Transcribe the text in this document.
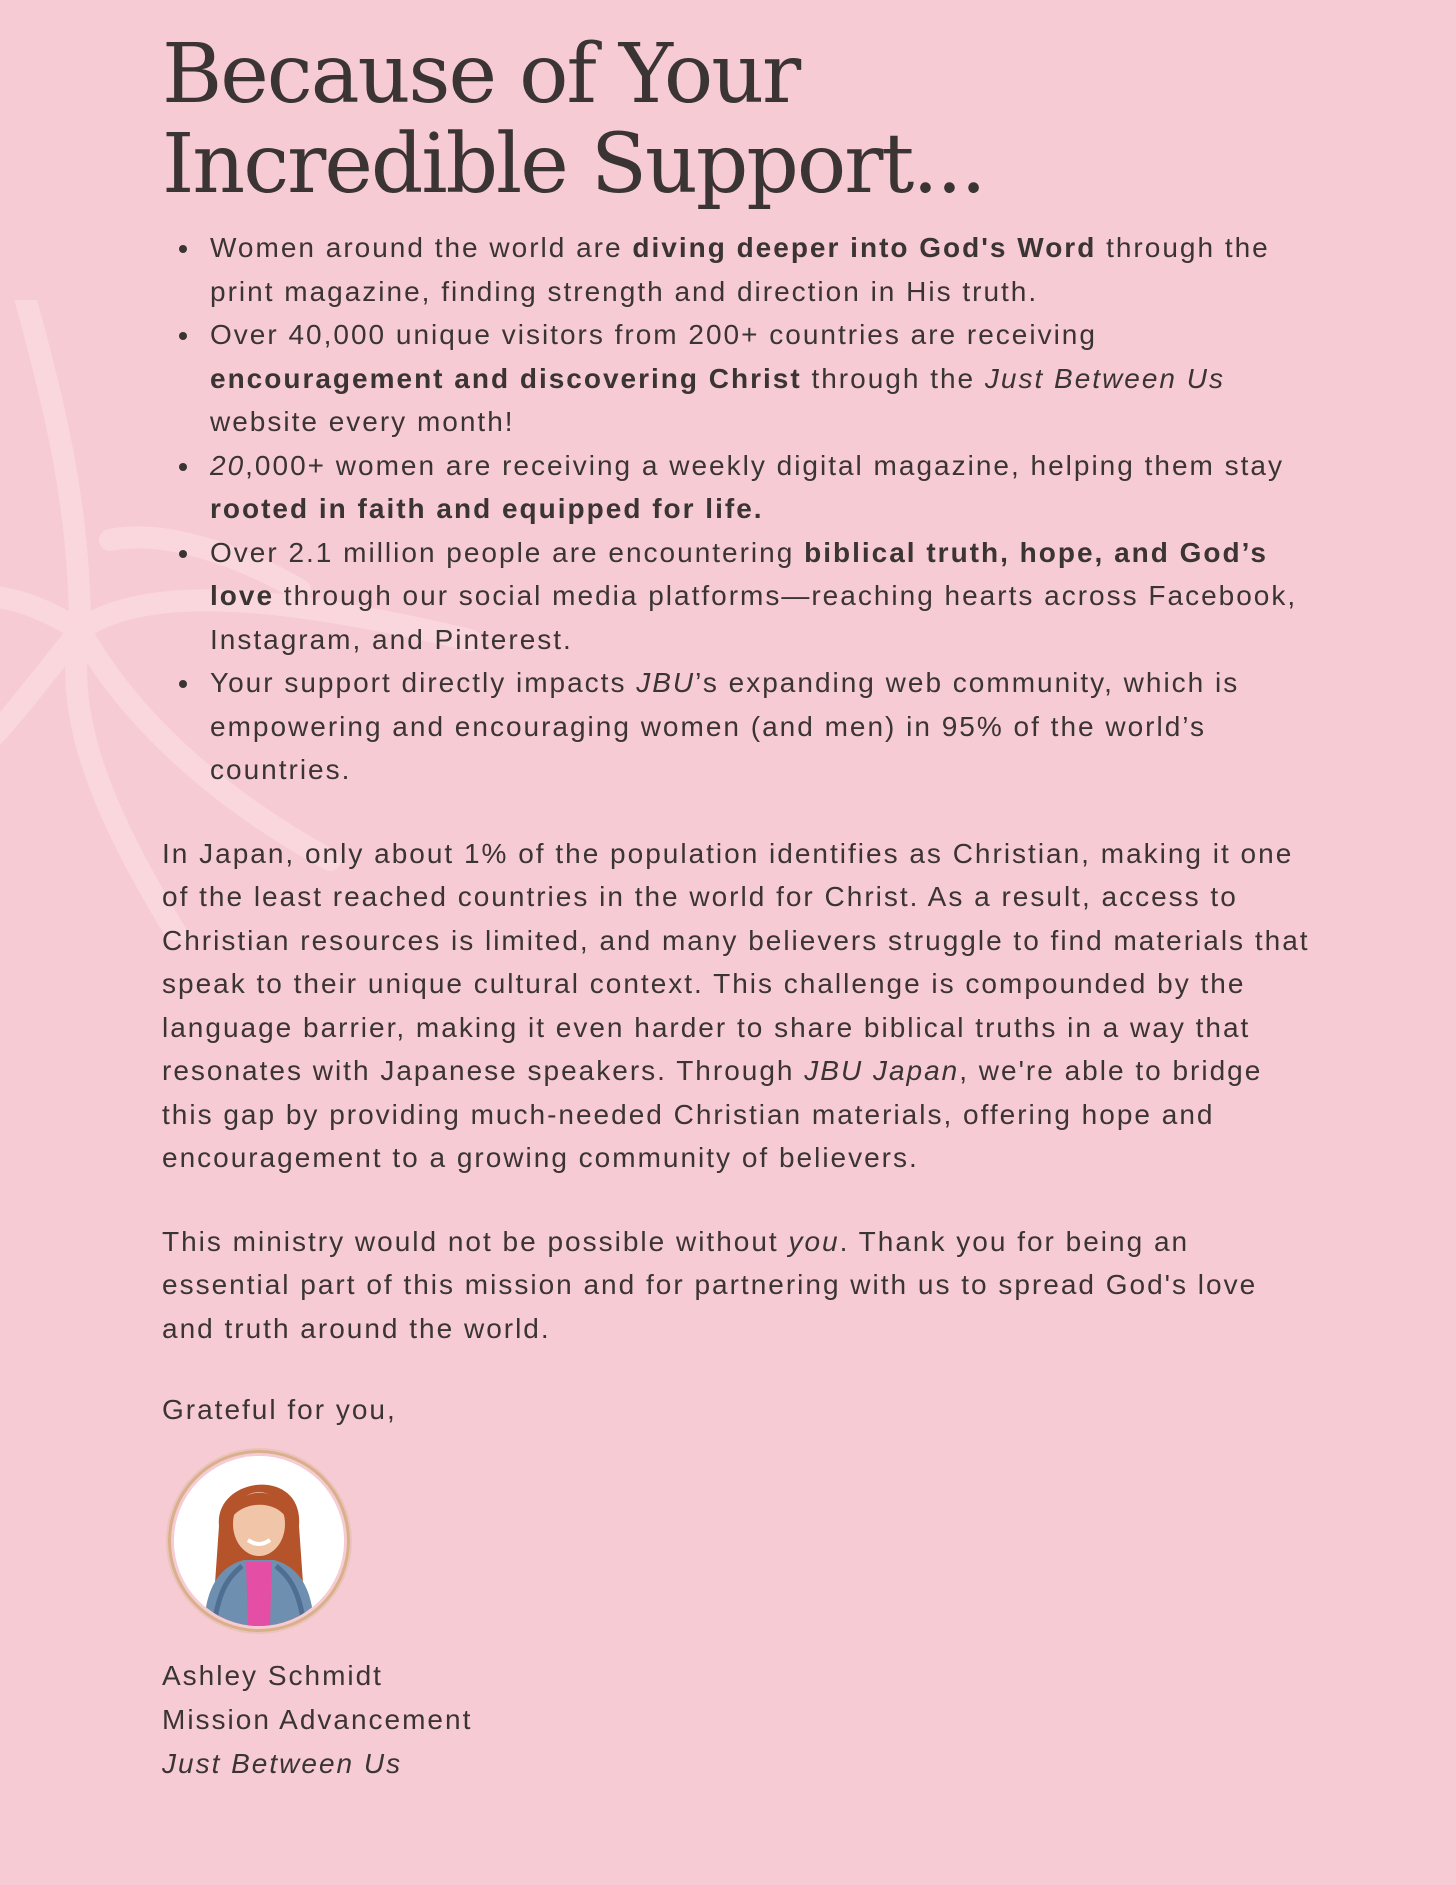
Because of Your
Incredible Support...
Women around the world are diving deeper into God's Word through the print magazine, finding strength and direction in His truth.
Over 40,000 unique visitors from 200+ countries are receiving encouragement and discovering Christ through the Just Between Us website every month!
20,000+ women are receiving a weekly digital magazine, helping them stay rooted in faith and equipped for life.
Over 2.1 million people are encountering biblical truth, hope, and God’s love through our social media platforms—reaching hearts across Facebook, Instagram, and Pinterest.
Your support directly impacts JBU’s expanding web community, which is empowering and encouraging women (and men) in 95% of the world’s countries.

In Japan, only about 1% of the population identifies as Christian, making it one of the least reached countries in the world for Christ. As a result, access to Christian resources is limited, and many believers struggle to find materials that speak to their unique cultural context. This challenge is compounded by the language barrier, making it even harder to share biblical truths in a way that resonates with Japanese speakers. Through JBU Japan, we're able to bridge this gap by providing much-needed Christian materials, offering hope and encouragement to a growing community of believers.

This ministry would not be possible without you. Thank you for being an essential part of this mission and for partnering with us to spread God's love and truth around the world.

Grateful for you,
Ashley Schmidt
Mission Advancement
Just Between Us
